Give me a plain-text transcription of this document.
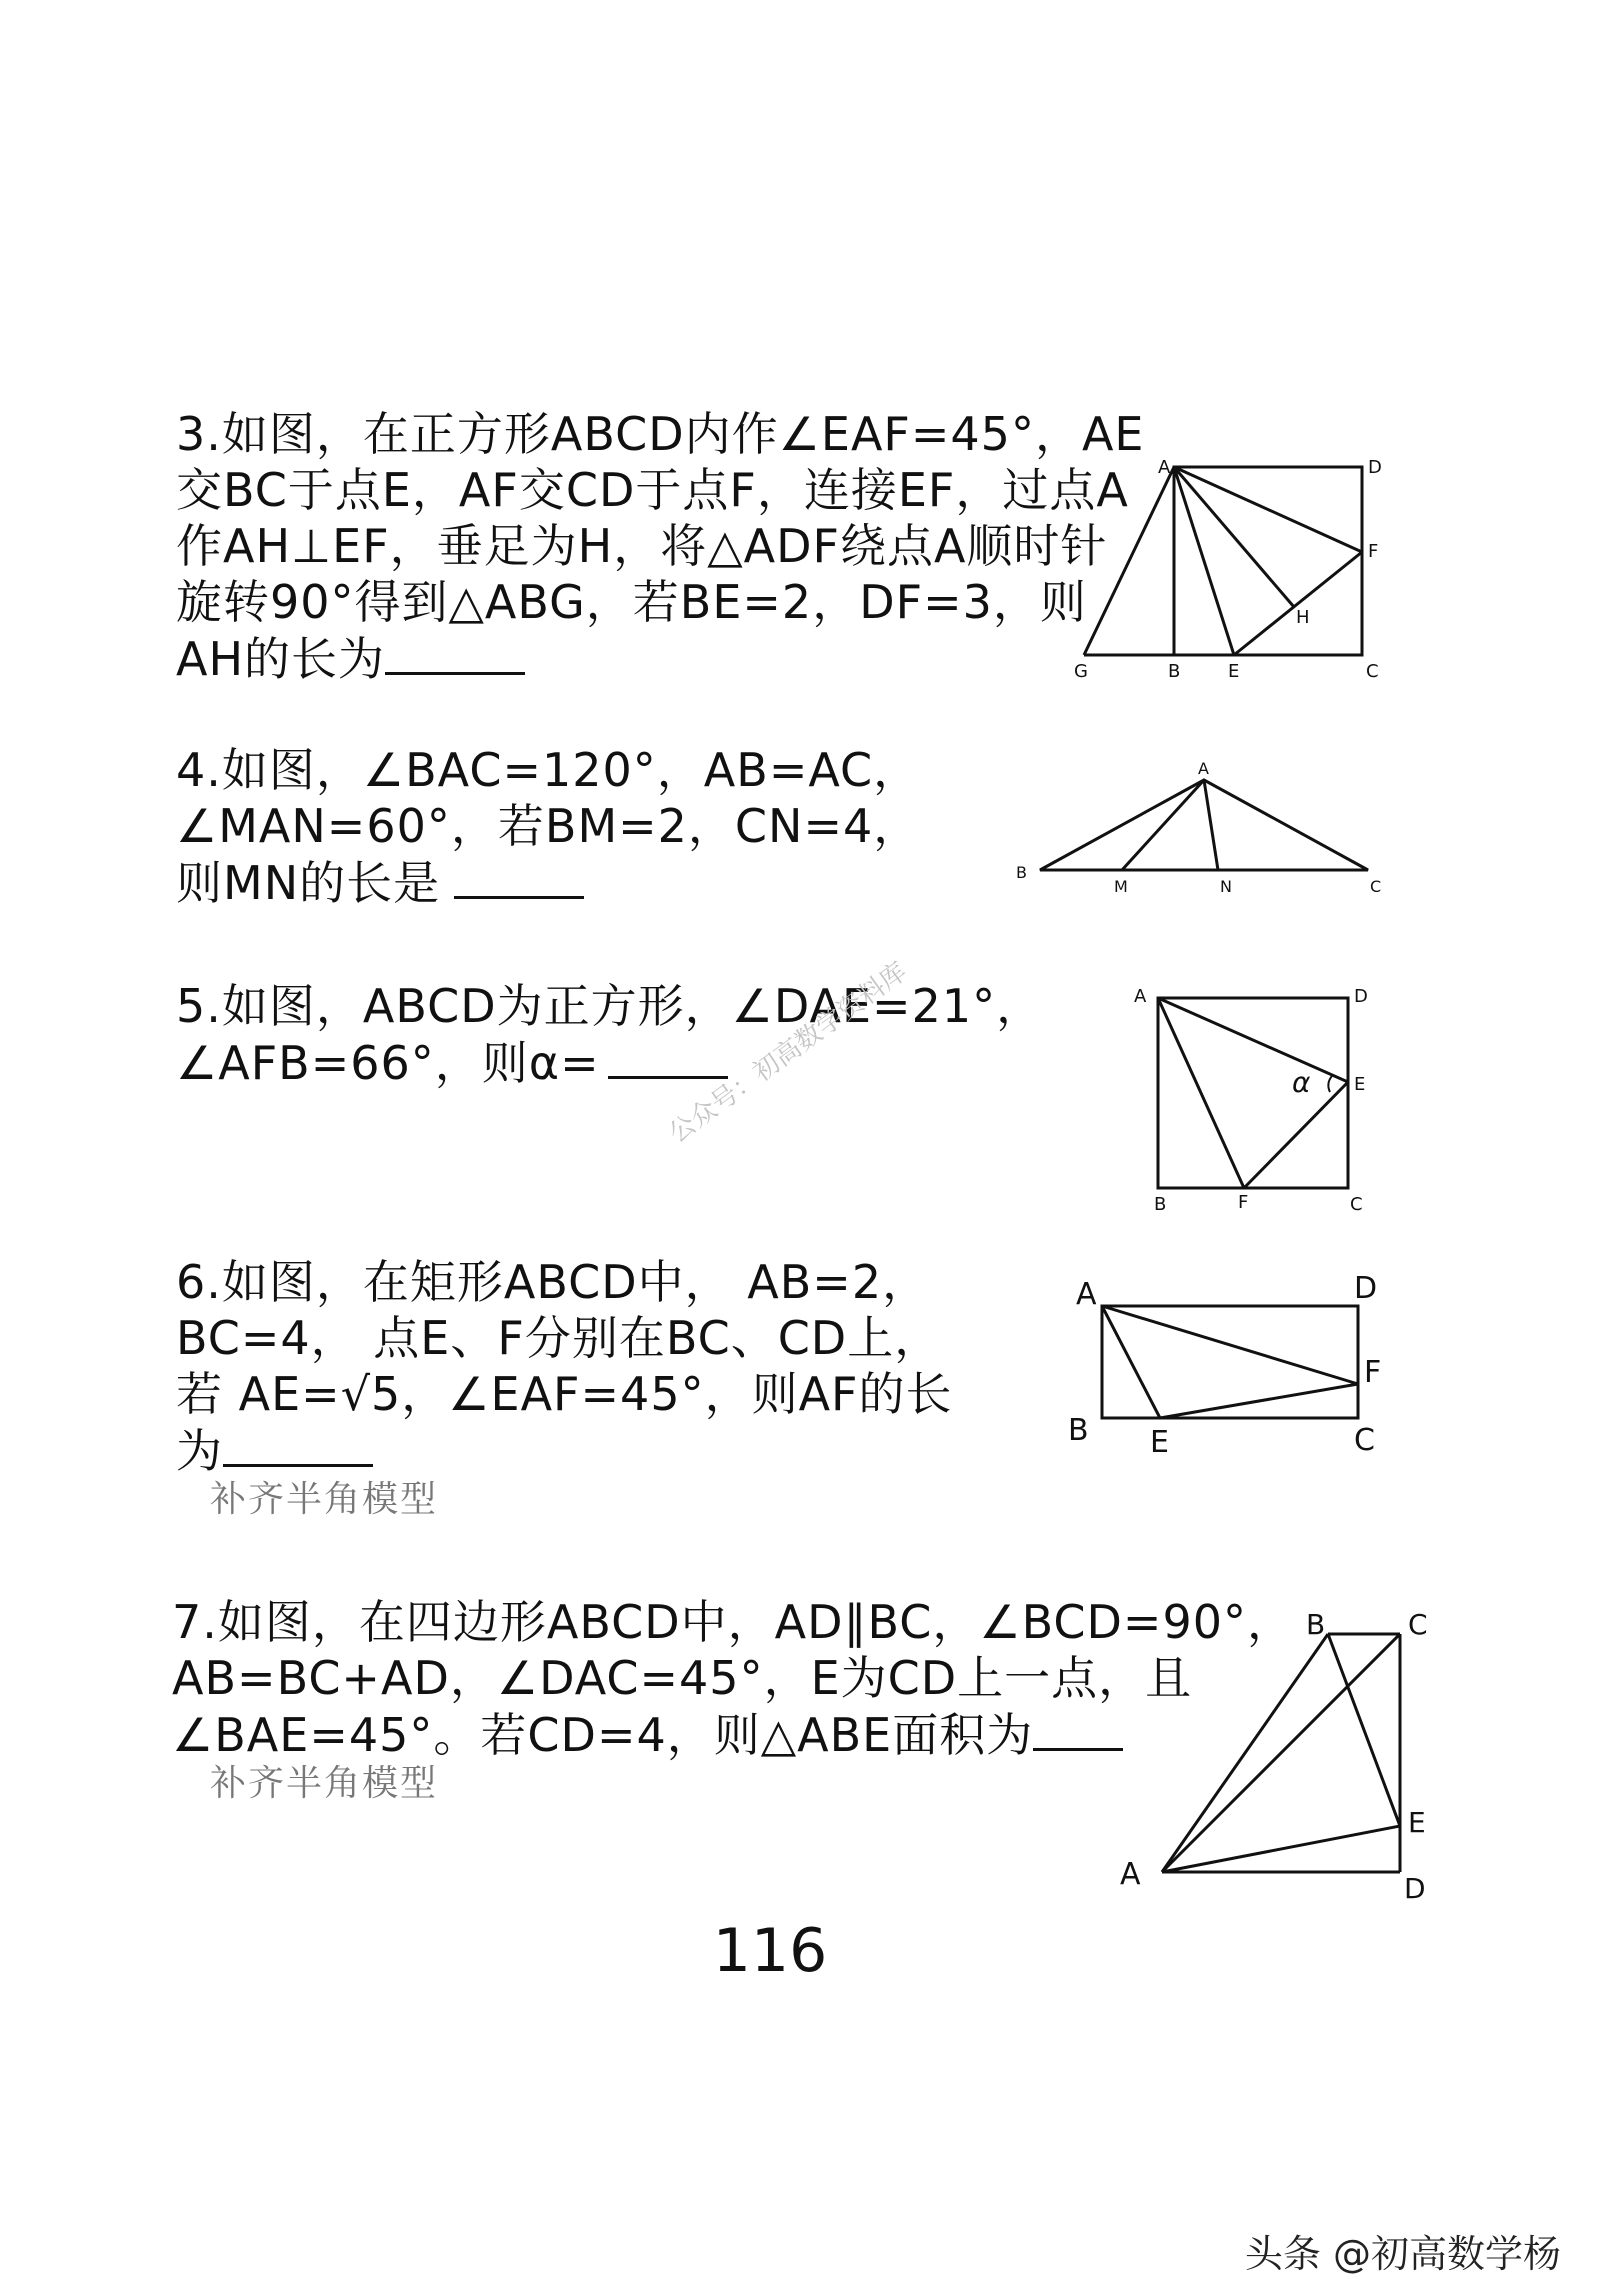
3.如图，在正方形ABCD内作∠EAF=45°，AE
交BC于点E，AF交CD于点F，连接EF，过点A
作AH⊥EF，垂足为H，将△ADF绕点A顺时针
旋转90°得到△ABG，若BE=2，DF=3，则
AH的长为
A	D
F
H
G	B	E	C
4.如图，∠BAC=120°，AB=AC，
∠MAN=60°，若BM=2，CN=4，
则MN的长是
A
B
M	N	C
5.如图，ABCD为正方形，∠DAE=21°，
∠AFB=66°，则α=
A	D
α E
B	F	C
公众号：初高数学资料库
6.如图，在矩形ABCD中， AB=2，
BC=4， 点E、F分别在BC、CD上，
若 AE=√5，∠EAF=45°，则AF的长
为
补齐半角模型
A	D
F
B E	C
7.如图，在四边形ABCD中，AD∥BC，∠BCD=90°，
AB=BC+AD，∠DAC=45°，E为CD上一点，且
∠BAE=45°。若CD=4，则△ABE面积为
补齐半角模型
B	C
E
A	D
116
头条 @初高数学杨
